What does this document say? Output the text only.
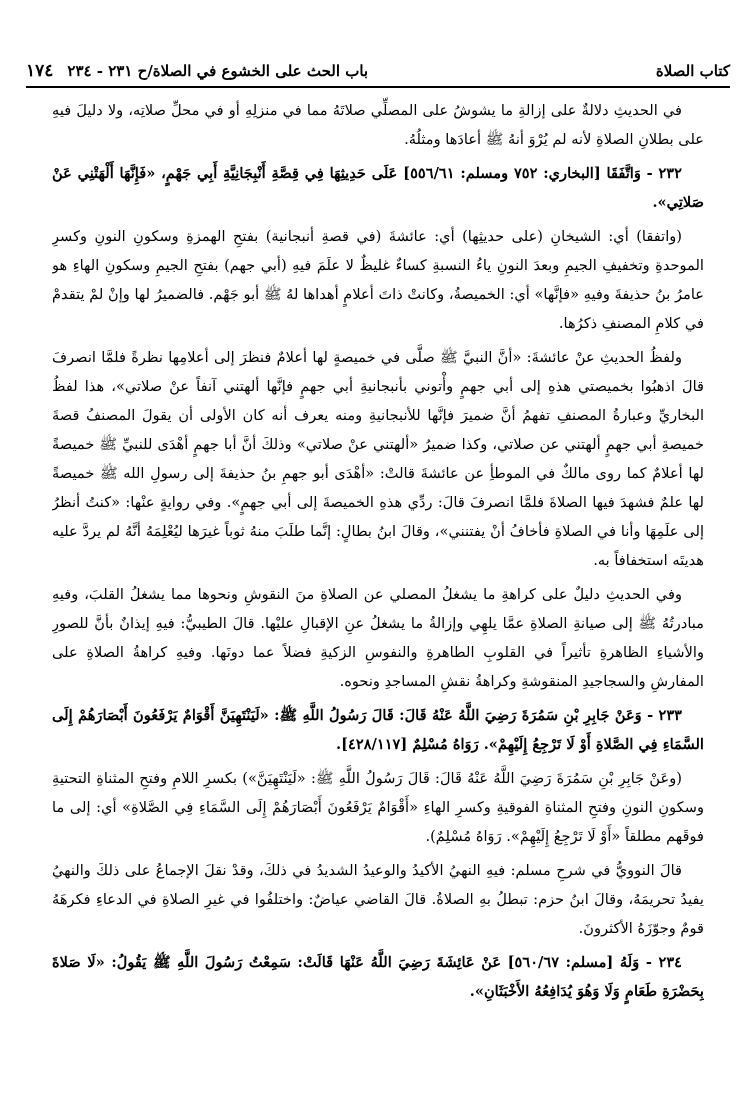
كتاب الصلاة
باب الحث على الخشوع في الصلاة/ح ٢٣١ - ٢٣٤
١٧٤

في الحديثِ دلالةٌ على إزالةِ ما يشوشُ على المصلِّي صلاتَهُ مما في منزلِهِ أو في محلِّ صلاتِه، ولا دليلَ فيهِ على بطلانِ الصلاةِ لأنه لم يُرْوَ أنهُ ﷺ أعادَها ومثلُهُ.

٢٣٢ - وَاتَّفَقَا [البخاري: ٧٥٢ ومسلم: ٥٥٦/٦١] عَلَى حَدِيثِهَا فِي قِصَّةِ أَنْبِجَانِيَّةِ أَبِي جَهْمٍ، «فَإِنَّهَا أَلْهَتْنِي عَنْ صَلاتِي».

(واتفقا) أي: الشيخانِ (على حديثِها) أي: عائشةَ (في قصةِ أنبجانية) بفتحِ الهمزةِ وسكونِ النونِ وكسرِ الموحدةِ وتخفيفِ الجيمِ وبعدَ النونِ ياءُ النسبةِ كساءٌ غليظٌ لا علَمَ فيهِ (أبي جهم) بفتحِ الجيمِ وسكونِ الهاءِ هو عامرُ بنُ حذيفةَ وفيهِ «فإنَّها» أي: الخميصةُ، وكانتْ ذاتَ أعلامٍ أهداها لهُ ﷺ أبو جَهْم. فالضميرُ لها وإنْ لمْ يتقدمْ في كلامِ المصنفِ ذكرُها.

ولفظُ الحديثِ عنْ عائشةَ: «أنَّ النبيَّ ﷺ صلَّى في خميصةٍ لها أعلامٌ فنظرَ إلى أعلامِها نظرةً فلمَّا انصرفَ قالَ اذهبُوا بخميصتي هذهِ إلى أبي جهمٍ وأْتوني بأنبجانيةِ أبي جهمٍ فإنَّها ألهتني آنفاً عنْ صلاتي»، هذا لفظُ البخاريِّ وعبارةُ المصنفِ تفهمُ أنَّ ضميرَ فإنَّها للأنبجانيةِ ومنه يعرف أنه كان الأولى أن يقولَ المصنفُ قصةَ خميصةِ أبي جهمٍ ألهتني عن صلاتي، وكذا ضميرُ «ألهتني عنْ صلاتي» وذلكَ أنَّ أبا جهمٍ أهْدَى للنبيِّ ﷺ خميصةً لها أعلامٌ كما روى مالكٌ في الموطأِ عن عائشةَ قالتْ: «أهْدَى أبو جهمِ بنُ حذيفةَ إلى رسولِ الله ﷺ خميصةً لها علمٌ فشهدَ فيها الصلاةَ فلمَّا انصرفَ قالَ: ردِّي هذهِ الخميصةَ إلى أبي جهمٍ». وفي روايةٍ عنْها: «كنتُ أنظرُ إلى علَمِهَا وأنا في الصلاةِ فأخافُ أنْ يفتنني»، وقالَ ابنُ بطالٍ: إنَّما طلَبَ منهُ ثوباً غيرَها ليُعْلِمَهُ أنَّهُ لم يردَّ عليه هديتَه استخفافاً به.

وفي الحديثِ دليلٌ على كراهةِ ما يشغلُ المصلي عن الصلاةِ منَ النقوشِ ونحوها مما يشغلُ القلبَ، وفيهِ مبادرتُهُ ﷺ إلى صيانةِ الصلاةِ عمَّا يلهِي وإزالةُ ما يشغلُ عنِ الإقبالِ عليْها. قالَ الطيبيُّ: فيهِ إيذانٌ بأنَّ للصورِ والأشياءِ الظاهرةِ تأثيراً في القلوبِ الطاهرةِ والنفوسِ الزكيةِ فضلاً عما دونَها. وفيهِ كراهةُ الصلاةِ على المفارشِ والسجاجيدِ المنقوشةِ وكراهةُ نقشِ المساجدِ ونحوه.

٢٣٣ - وَعَنْ جَابِرِ بْنِ سَمُرَةَ رَضِيَ اللَّهُ عَنْهُ قَالَ: قَالَ رَسُولُ اللَّهِ ﷺ: «لَيَنْتَهِيَنَّ أَقْوَامٌ يَرْفَعُونَ أَبْصَارَهُمْ إِلَى السَّمَاءِ فِي الصَّلاةِ أَوْ لَا تَرْجِعُ إِلَيْهِمْ». رَوَاهُ مُسْلِمٌ [٤٢٨/١١٧].

(وعَنْ جَابِرِ بْنِ سَمُرَةَ رَضِيَ اللَّهُ عَنْهُ قَالَ: قَالَ رَسُولُ اللَّهِ ﷺ: «لَيَنْتَهِيَنَّ») بكسرِ اللامِ وفتحِ المثناةِ التحتيةِ وسكونِ النونِ وفتحِ المثناةِ الفوقيةِ وكسرِ الهاءِ «أَقْوَامٌ يَرْفَعُونَ أَبْصَارَهُمْ إِلَى السَّمَاءِ فِي الصَّلاةِ» أي: إلى ما فوقَهم مطلقاً «أَوْ لَا تَرْجِعُ إِلَيْهِمْ». رَوَاهُ مُسْلِمٌ).

قالَ النوويُّ في شرحِ مسلم: فيهِ النهيُ الأكيدُ والوعيدُ الشديدُ في ذلكَ، وقدْ نقلَ الإجماعُ على ذلكَ والنهيُ يفيدُ تحريمَهُ، وقالَ ابنُ حزم: تبطلُ بهِ الصلاةُ. قالَ القاضي عياضٌ: واختلفُوا في غيرِ الصلاةِ في الدعاءِ فكرهَهُ قومٌ وجوّزَهُ الأكثرونَ.

٢٣٤ - وَلَهُ [مسلم: ٥٦٠/٦٧] عَنْ عَائِشَةَ رَضِيَ اللَّهُ عَنْهَا قَالَتْ: سَمِعْتُ رَسُولَ اللَّهِ ﷺ يَقُولُ: «لَا صَلاةَ بِحَضْرَةِ طَعَامٍ وَلَا وَهُوَ يُدَافِعُهُ الأَخْبَثَانِ».
